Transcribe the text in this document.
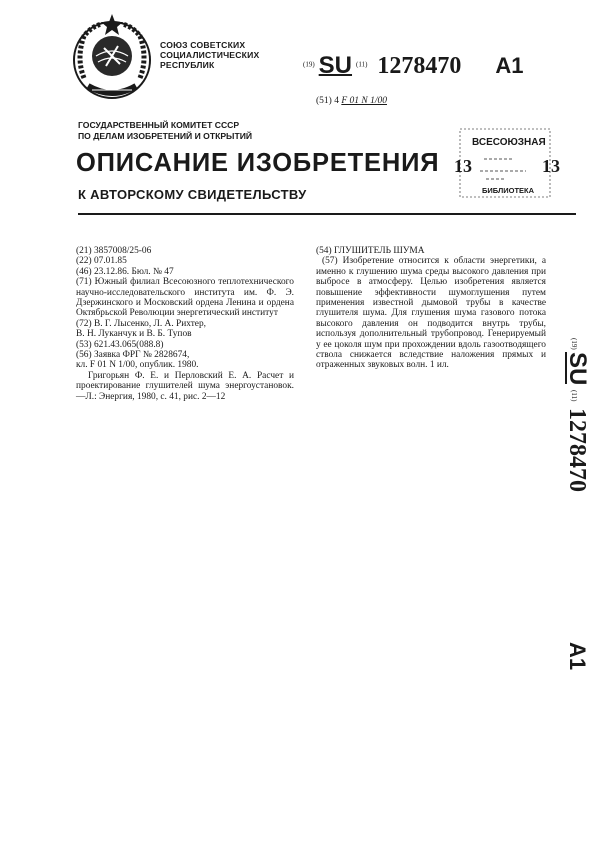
СОЮЗ СОВЕТСКИХ
СОЦИАЛИСТИЧЕСКИХ
РЕСПУБЛИК	$^{(19)}$ SU $^{(11)}$ 1278470 A1
(51) 4 F 01 N 1/00
ГОСУДАРСТВЕННЫЙ КОМИТЕТ СССР
ПО ДЕЛАМ ИЗОБРЕТЕНИЙ И ОТКРЫТИЙ
ВСЕСОЮЗНАЯ
13	13
БИБЛИОТЕКА
ОПИСАНИЕ ИЗОБРЕТЕНИЯ
К АВТОРСКОМУ СВИДЕТЕЛЬСТВУ

(21) 3857008/25-06

(22) 07.01.85

(46) 23.12.86. Бюл. № 47

(71) Южный филиал Всесоюзного теплотехнического научно-исследовательского института им. Ф. Э. Дзержинского и Московский ордена Ленина и ордена Октябрьской Революции энергетический институт

(72) В. Г. Лысенко, Л. А. Рихтер,

В. Н. Луканчук и В. Б. Тупов

(53) 621.43.065(088.8)

(56) Заявка ФРГ № 2828674,

кл. F 01 N 1/00, опублик. 1980.

Григорьян Ф. Е. и Перловский Е. А. Расчет и проектирование глушителей шума энергоустановок.—Л.: Энергия, 1980, с. 41, рис. 2—12

(54) ГЛУШИТЕЛЬ ШУМА

(57) Изобретение относится к области энергетики, а именно к глушению шума среды высокого давления при выбросе в атмосферу. Целью изобретения является повышение эффективности шумоглушения путем применения известной дымовой трубы в качестве глушителя шума. Для глушения шума газового потока высокого давления он подводится внутрь трубы, используя дополнительный трубопровод. Генерируемый у ее цоколя шум при прохождении вдоль газоотводящего ствола снижается вследствие наложения прямых и отраженных звуковых волн. 1 ил.

(19)
SU
(11)
1278470
A1
